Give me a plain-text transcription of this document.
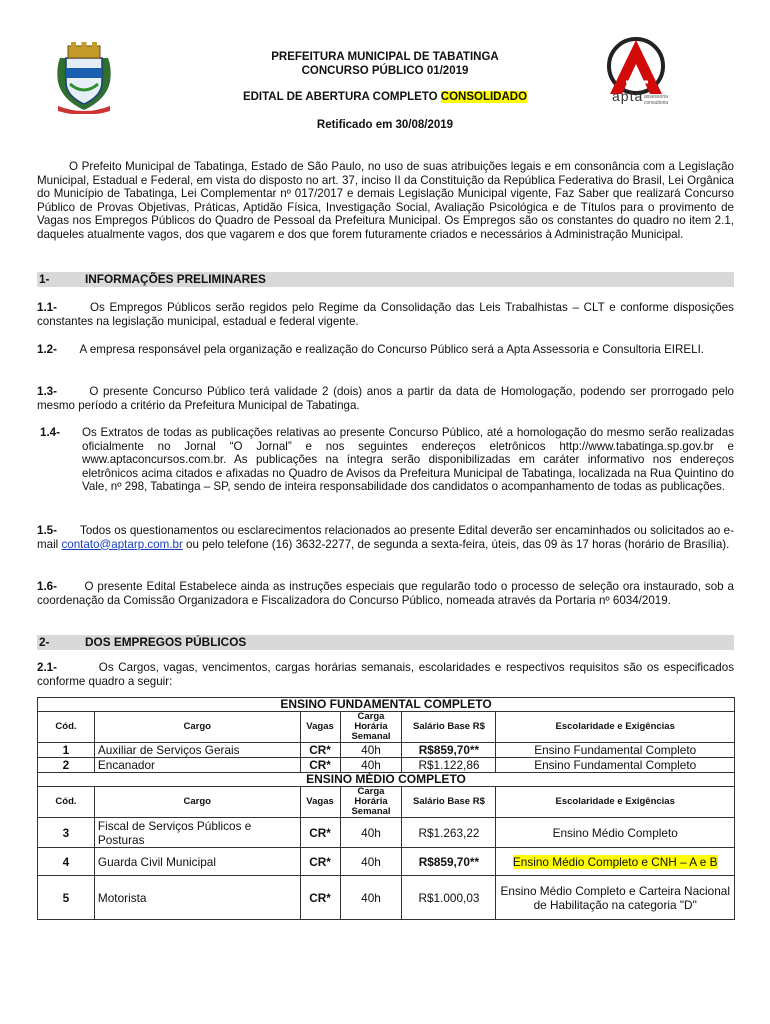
PREFEITURA MUNICIPAL DE TABATINGA
CONCURSO PÚBLICO 01/2019
EDITAL DE ABERTURA COMPLETO CONSOLIDADO
Retificado em 30/08/2019
apta assessoria
consultoria
O Prefeito Municipal de Tabatinga, Estado de São Paulo, no uso de suas atribuições legais e em consonância com a Legislação Municipal, Estadual e Federal, em vista do disposto no art. 37, inciso II da Constituição da República Federativa do Brasil, Lei Orgânica do Município de Tabatinga, Lei Complementar nº 017/2017 e demais Legislação Municipal vigente, Faz Saber que realizará Concurso Público de Provas Objetivas, Práticas, Aptidão Física, Investigação Social, Avaliação Psicológica e de Títulos para o provimento de Vagas nos Empregos Públicos do Quadro de Pessoal da Prefeitura Municipal. Os Empregos são os constantes do quadro no item 2.1, daqueles atualmente vagos, dos que vagarem e dos que forem futuramente criados e necessários à Administração Municipal.
1-	INFORMAÇÕES PRELIMINARES
1.1-	Os Empregos Públicos serão regidos pelo Regime da Consolidação das Leis Trabalhistas – CLT e conforme disposições constantes na legislação municipal, estadual e federal vigente.
1.2- A empresa responsável pela organização e realização do Concurso Público será a Apta Assessoria e Consultoria EIRELI.
1.3-	O presente Concurso Público terá validade 2 (dois) anos a partir da data de Homologação, podendo ser prorrogado pelo mesmo período a critério da Prefeitura Municipal de Tabatinga.
1.4- Os Extratos de todas as publicações relativas ao presente Concurso Público, até a homologação do mesmo serão realizadas oficialmente no Jornal “O Jornal” e nos seguintes endereços eletrônicos http://www.tabatinga.sp.gov.br e www.aptaconcursos.com.br. As publicações na íntegra serão disponibilizadas em caráter informativo nos endereços eletrônicos acima citados e afixadas no Quadro de Avisos da Prefeitura Municipal de Tabatinga, localizada na Rua Quintino do Vale, nº 298, Tabatinga – SP, sendo de inteira responsabilidade dos candidatos o acompanhamento de todas as publicações.
1.5- Todos os questionamentos ou esclarecimentos relacionados ao presente Edital deverão ser encaminhados ou solicitados ao e-mail contato@aptarp.com.br ou pelo telefone (16) 3632-2277, de segunda a sexta-feira, úteis, das 09 às 17 horas (horário de Brasília).
1.6- O presente Edital Estabelece ainda as instruções especiais que regularão todo o processo de seleção ora instaurado, sob a coordenação da Comissão Organizadora e Fiscalizadora do Concurso Público, nomeada através da Portaria nº 6034/2019.
2-	DOS EMPREGOS PÚBLICOS
2.1-	Os Cargos, vagas, vencimentos, cargas horárias semanais, escolaridades e respectivos requisitos são os especificados conforme quadro a seguir:
ENSINO FUNDAMENTAL COMPLETO					
Cód.	Cargo	Vagas	Carga Horária Semanal	Salário Base R$	Escolaridade e Exigências
1	Auxiliar de Serviços Gerais	CR*	40h	R$859,70**	Ensino Fundamental Completo
2	Encanador	CR*	40h	R$1.122,86	Ensino Fundamental Completo
ENSINO MÉDIO COMPLETO					
Cód.	Cargo	Vagas	Carga Horária Semanal	Salário Base R$	Escolaridade e Exigências
3	Fiscal de Serviços Públicos e Posturas	CR*	40h	R$1.263,22	Ensino Médio Completo
4	Guarda Civil Municipal	CR*	40h	R$859,70**	Ensino Médio Completo e CNH – A e B
5	Motorista	CR*	40h	R$1.000,03	Ensino Médio Completo e Carteira Nacional de Habilitação na categoria "D"
